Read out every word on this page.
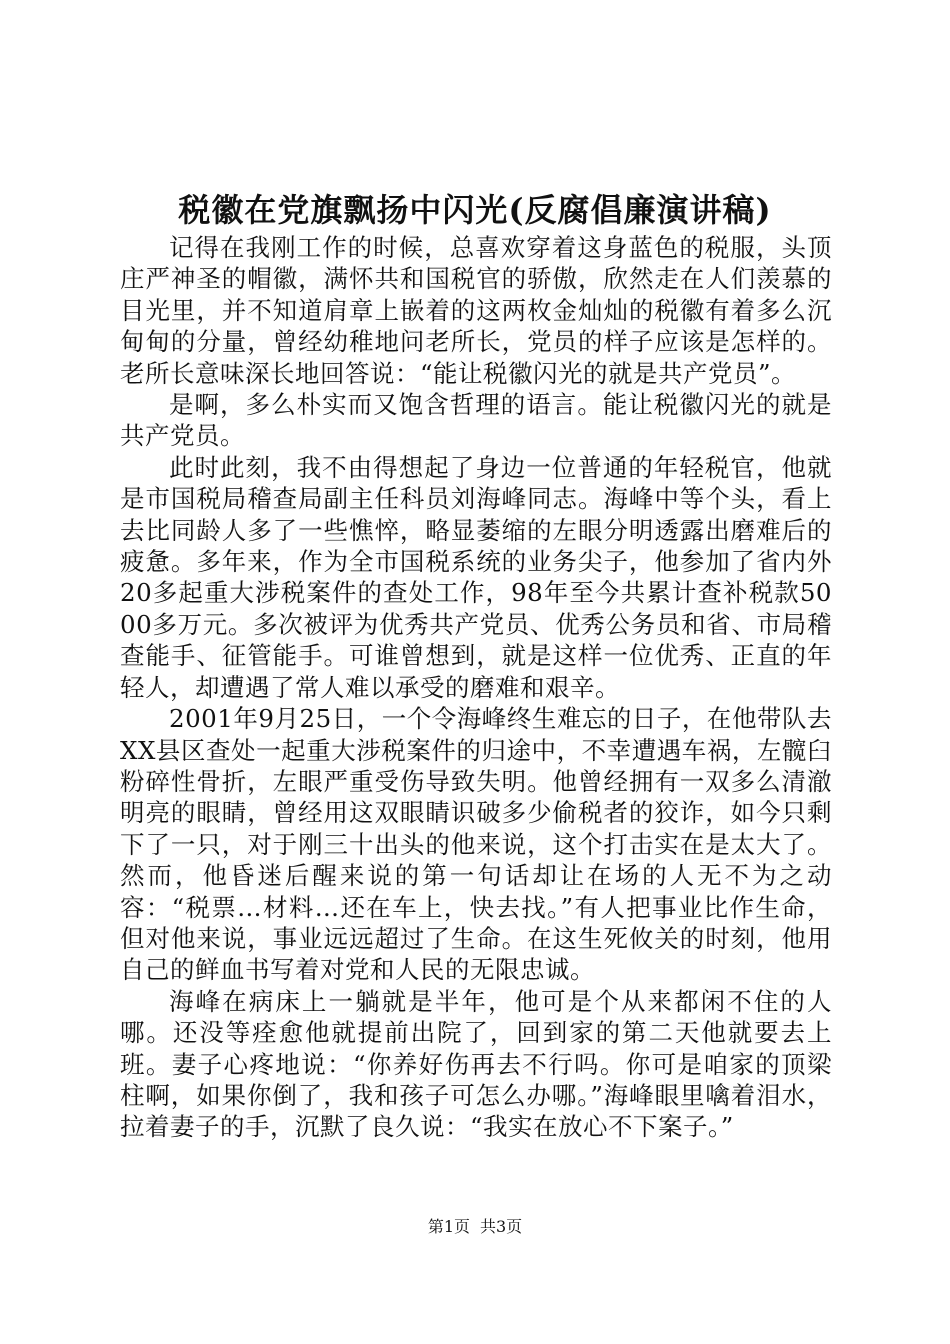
税徽在党旗飘扬中闪光(反腐倡廉演讲稿)

记得在我刚工作的时候，总喜欢穿着这身蓝色的税服，头顶庄严神圣的帽徽，满怀共和国税官的骄傲，欣然走在人们羡慕的目光里，并不知道肩章上嵌着的这两枚金灿灿的税徽有着多么沉甸甸的分量，曾经幼稚地问老所长，党员的样子应该是怎样的。老所长意味深长地回答说：“能让税徽闪光的就是共产党员”。

是啊，多么朴实而又饱含哲理的语言。能让税徽闪光的就是共产党员。

此时此刻，我不由得想起了身边一位普通的年轻税官，他就是市国税局稽查局副主任科员刘海峰同志。海峰中等个头，看上去比同龄人多了一些憔悴，略显萎缩的左眼分明透露出磨难后的疲惫。多年来，作为全市国税系统的业务尖子，他参加了省内外20多起重大涉税案件的查处工作，98年至今共累计查补税款5000多万元。多次被评为优秀共产党员、优秀公务员和省、市局稽查能手、征管能手。可谁曾想到，就是这样一位优秀、正直的年轻人，却遭遇了常人难以承受的磨难和艰辛。

2001年9月25日，一个令海峰终生难忘的日子，在他带队去XX县区查处一起重大涉税案件的归途中，不幸遭遇车祸，左髋臼粉碎性骨折，左眼严重受伤导致失明。他曾经拥有一双多么清澈明亮的眼睛，曾经用这双眼睛识破多少偷税者的狡诈，如今只剩下了一只，对于刚三十出头的他来说，这个打击实在是太大了。然而，他昏迷后醒来说的第一句话却让在场的人无不为之动容：“税票…材料…还在车上，快去找。”有人把事业比作生命，但对他来说，事业远远超过了生命。在这生死攸关的时刻，他用自己的鲜血书写着对党和人民的无限忠诚。

海峰在病床上一躺就是半年，他可是个从来都闲不住的人哪。还没等痊愈他就提前出院了，回到家的第二天他就要去上班。妻子心疼地说：“你养好伤再去不行吗。你可是咱家的顶梁柱啊，如果你倒了，我和孩子可怎么办哪。”海峰眼里噙着泪水，拉着妻子的手，沉默了良久说：“我实在放心不下案子。”

第1页 共3页
